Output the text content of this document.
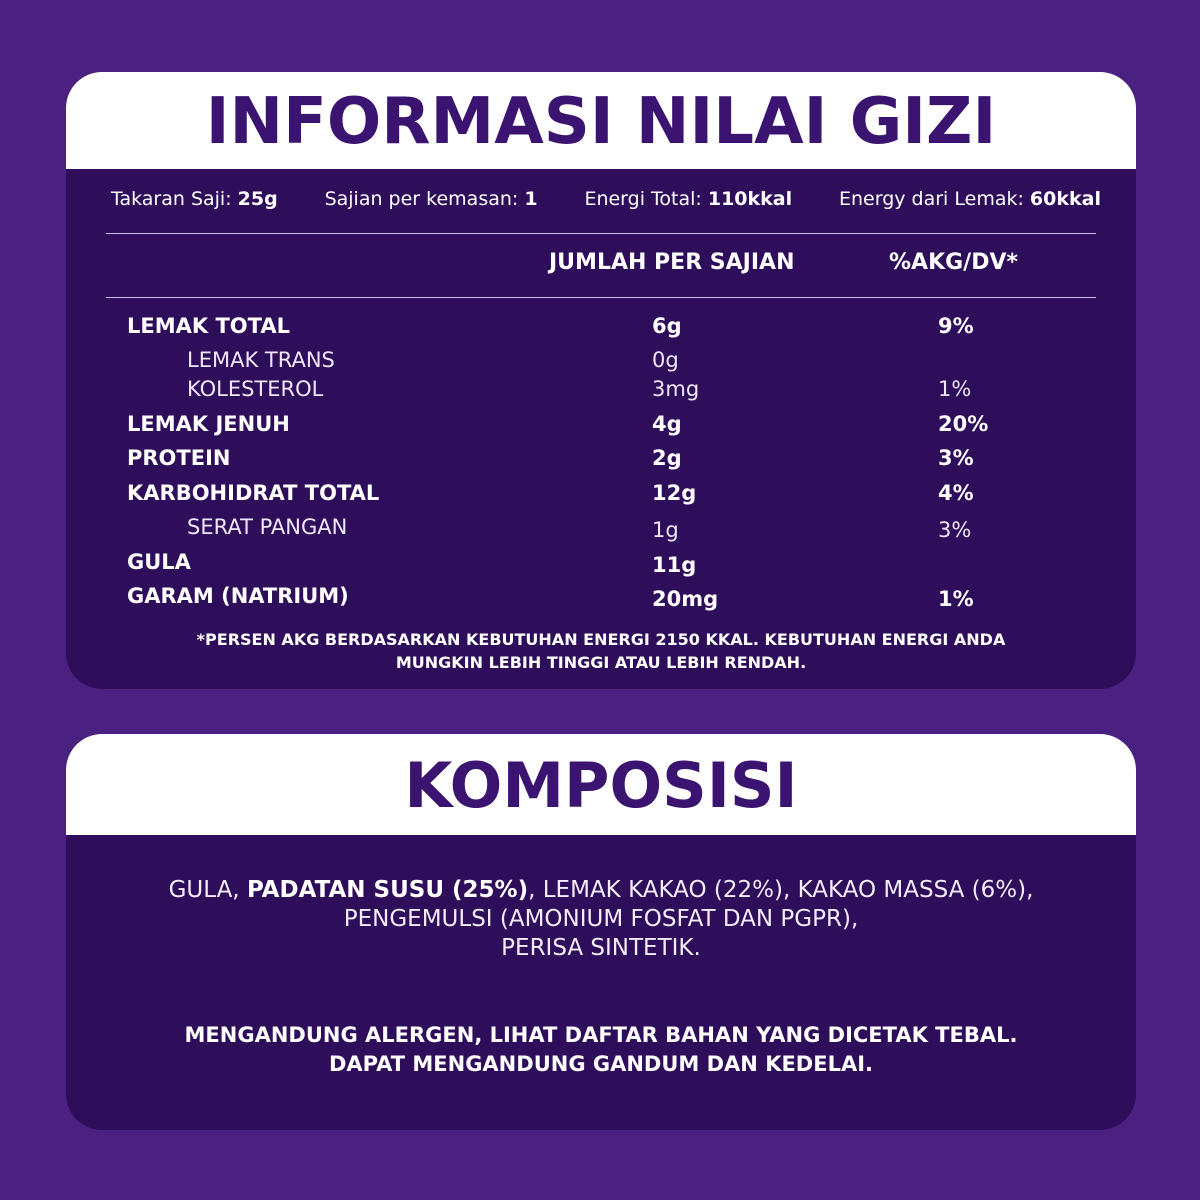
INFORMASI NILAI GIZI
Takaran Saji: 25g Sajian per kemasan: 1 Energi Total: 110kkal Energy dari Lemak: 60kkal
JUMLAH PER SAJIAN	%AKG/DV*
LEMAK TOTAL	6g	9%
LEMAK TRANS	0g
KOLESTEROL	3mg	1%
LEMAK JENUH	4g	20%
PROTEIN	2g	3%
KARBOHIDRAT TOTAL	12g	4%
SERAT PANGAN	1g	3%
GULA	11g
GARAM (NATRIUM)	20mg	1%
*PERSEN AKG BERDASARKAN KEBUTUHAN ENERGI 2150 KKAL. KEBUTUHAN ENERGI ANDA
MUNGKIN LEBIH TINGGI ATAU LEBIH RENDAH.
KOMPOSISI
GULA, PADATAN SUSU (25%), LEMAK KAKAO (22%), KAKAO MASSA (6%),
PENGEMULSI (AMONIUM FOSFAT DAN PGPR),
PERISA SINTETIK.
MENGANDUNG ALERGEN, LIHAT DAFTAR BAHAN YANG DICETAK TEBAL.
DAPAT MENGANDUNG GANDUM DAN KEDELAI.
